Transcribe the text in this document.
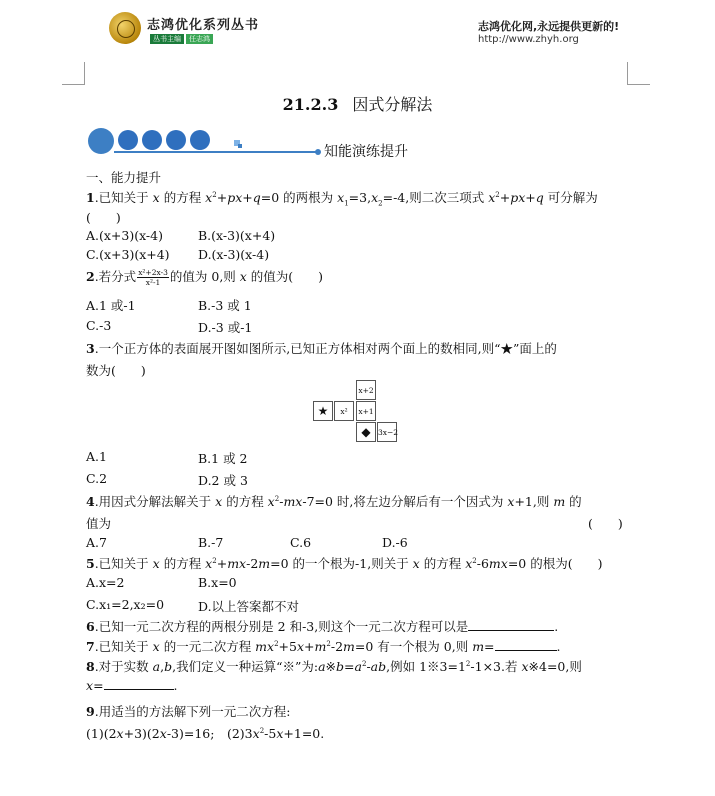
志鸿优化系列丛书
丛书主编 任志鸿
志鸿优化网,永远提供更新的!
http://www.zhyh.org
21.2.3 因式分解法
知能演练提升
一、能力提升
1.已知关于 x 的方程 $x^2+px+q=0$ 的两根为 $x_1=3,x_2=-4$,则二次三项式 $x^2+px+q$ 可分解为
(　　)
A.(x+3)(x-4)	B.(x-3)(x+4)
C.(x+3)(x+4) D.(x-3)(x-4)
2.若分式 $\frac{\text{x²+2x-3}}{\text{x²-1}}$ 的值为 0,则 x 的值为(　　)
A.1 或-1	B.-3 或 1
C.-3	D.-3 或-1
3.一个正方体的表面展开图如图所示,已知正方体相对两个面上的数相同,则“★”面上的
数为(　　)
x+2
★	x²	x+1
◆ 3x−2
A.1	B.1 或 2
C.2	D.2 或 3
4.用因式分解法解关于 x 的方程 $x^2-mx-7=0$ 时,将左边分解后有一个因式为 x+1,则 m 的
值为	(　　)
A.7	B.-7	C.6	D.-6
5.已知关于 x 的方程 $x^2+mx-2m=0$ 的一个根为-1,则关于 x 的方程 $x^2-6mx=0$ 的根为(　　)
A.x=2	B.x=0
C.x₁=2,x₂=0	D.以上答案都不对
6.已知一元二次方程的两根分别是 2 和-3,则这个一元二次方程可以是	.
7.已知关于 x 的一元二次方程 $mx^2+5x+m^2-2m=0$ 有一个根为 0,则 m=	.
8.对于实数 a,b,我们定义一种运算“※”为$:a※b=a^2-ab$,例如 $1※3=1^2-1\times 3$.若 x※4=0,则
x=	.
9.用适当的方法解下列一元二次方程:
(1)(2x+3)(2x-3)=16;　$(2)3x^2-5x+1=0$.
